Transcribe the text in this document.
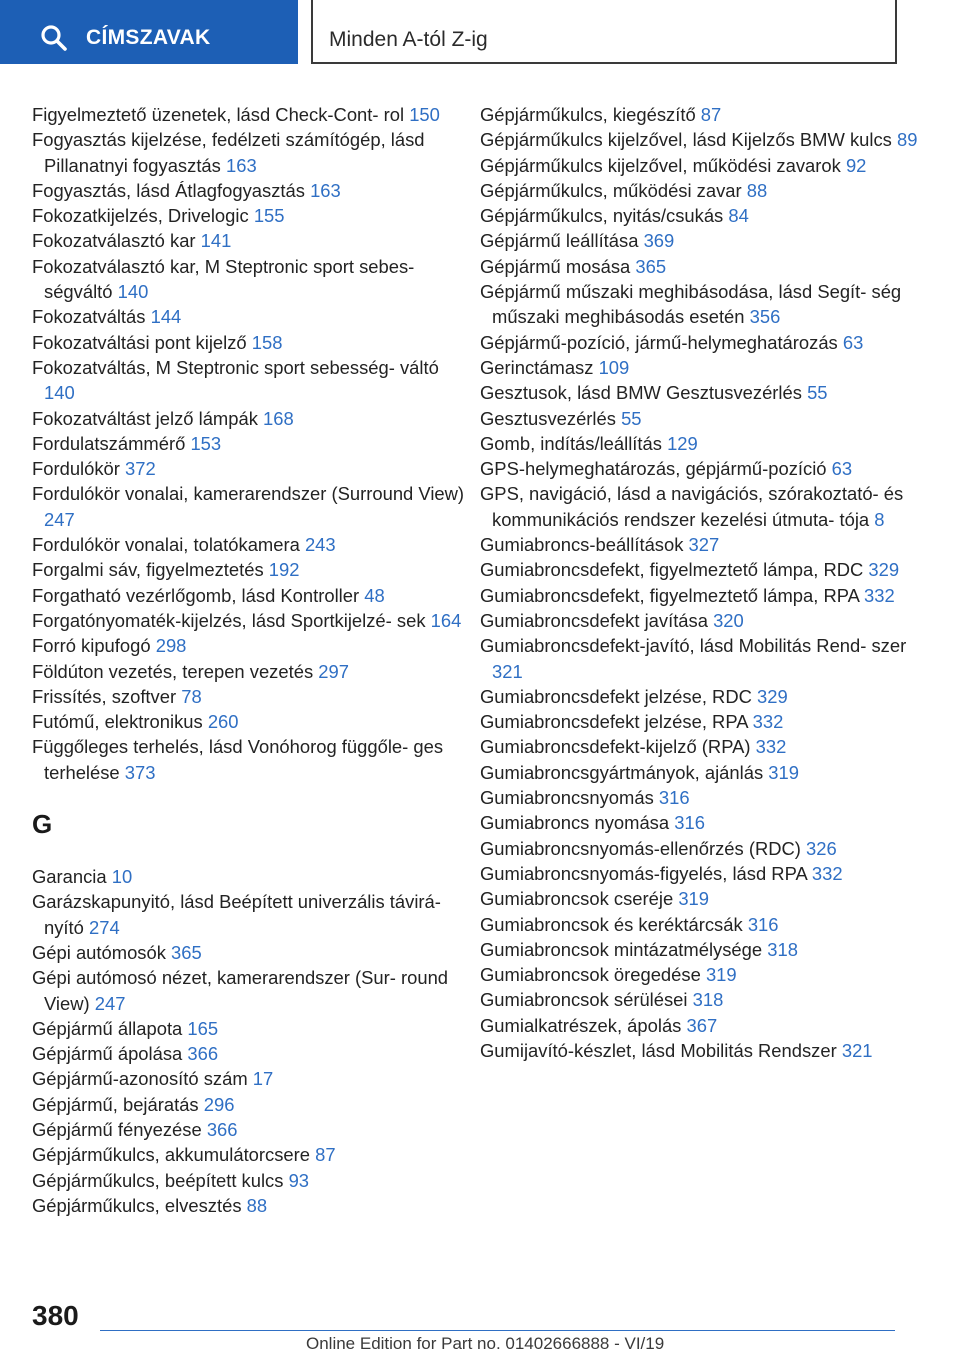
CÍMSZAVAK	Minden A-tól Z-ig

Figyelmeztető üzenetek, lásd Check-Cont- rol 150

Fogyasztás kijelzése, fedélzeti számítógép, lásd Pillanatnyi fogyasztás 163

Fogyasztás, lásd Átlagfogyasztás 163

Fokozatkijelzés, Drivelogic 155

Fokozatválasztó kar 141

Fokozatválasztó kar, M Steptronic sport sebes- ségváltó 140

Fokozatváltás 144

Fokozatváltási pont kijelző 158

Fokozatváltás, M Steptronic sport sebesség- váltó 140

Fokozatváltást jelző lámpák 168

Fordulatszámmérő 153

Fordulókör 372

Fordulókör vonalai, kamerarendszer (Surround View) 247

Fordulókör vonalai, tolatókamera 243

Forgalmi sáv, figyelmeztetés 192

Forgatható vezérlőgomb, lásd Kontroller 48

Forgatónyomaték-kijelzés, lásd Sportkijelzé- sek 164

Forró kipufogó 298

Földúton vezetés, terepen vezetés 297

Frissítés, szoftver 78

Futómű, elektronikus 260

Függőleges terhelés, lásd Vonóhorog függőle- ges terhelése 373

G

Garancia 10

Garázskapunyitó, lásd Beépített univerzális távirá- nyító 274

Gépi autómosók 365

Gépi autómosó nézet, kamerarendszer (Sur- round View) 247

Gépjármű állapota 165

Gépjármű ápolása 366

Gépjármű-azonosító szám 17

Gépjármű, bejáratás 296

Gépjármű fényezése 366

Gépjárműkulcs, akkumulátorcsere 87

Gépjárműkulcs, beépített kulcs 93

Gépjárműkulcs, elvesztés 88

Gépjárműkulcs, kiegészítő 87

Gépjárműkulcs kijelzővel, lásd Kijelzős BMW kulcs 89

Gépjárműkulcs kijelzővel, működési zavarok 92

Gépjárműkulcs, működési zavar 88

Gépjárműkulcs, nyitás/csukás 84

Gépjármű leállítása 369

Gépjármű mosása 365

Gépjármű műszaki meghibásodása, lásd Segít- ség műszaki meghibásodás esetén 356

Gépjármű-pozíció, jármű-helymeghatározás 63

Gerinctámasz 109

Gesztusok, lásd BMW Gesztusvezérlés 55

Gesztusvezérlés 55

Gomb, indítás/leállítás 129

GPS-helymeghatározás, gépjármű-pozíció 63

GPS, navigáció, lásd a navigációs, szórakoztató- és kommunikációs rendszer kezelési útmuta- tója 8

Gumiabroncs-beállítások 327

Gumiabroncsdefekt, figyelmeztető lámpa, RDC 329

Gumiabroncsdefekt, figyelmeztető lámpa, RPA 332

Gumiabroncsdefekt javítása 320

Gumiabroncsdefekt-javító, lásd Mobilitás Rend- szer 321

Gumiabroncsdefekt jelzése, RDC 329

Gumiabroncsdefekt jelzése, RPA 332

Gumiabroncsdefekt-kijelző (RPA) 332

Gumiabroncsgyártmányok, ajánlás 319

Gumiabroncsnyomás 316

Gumiabroncs nyomása 316

Gumiabroncsnyomás-ellenőrzés (RDC) 326

Gumiabroncsnyomás-figyelés, lásd RPA 332

Gumiabroncsok cseréje 319

Gumiabroncsok és keréktárcsák 316

Gumiabroncsok mintázatmélysége 318

Gumiabroncsok öregedése 319

Gumiabroncsok sérülései 318

Gumialkatrészek, ápolás 367

Gumijavító-készlet, lásd Mobilitás Rendszer 321

380
Online Edition for Part no. 01402666888 - VI/19
